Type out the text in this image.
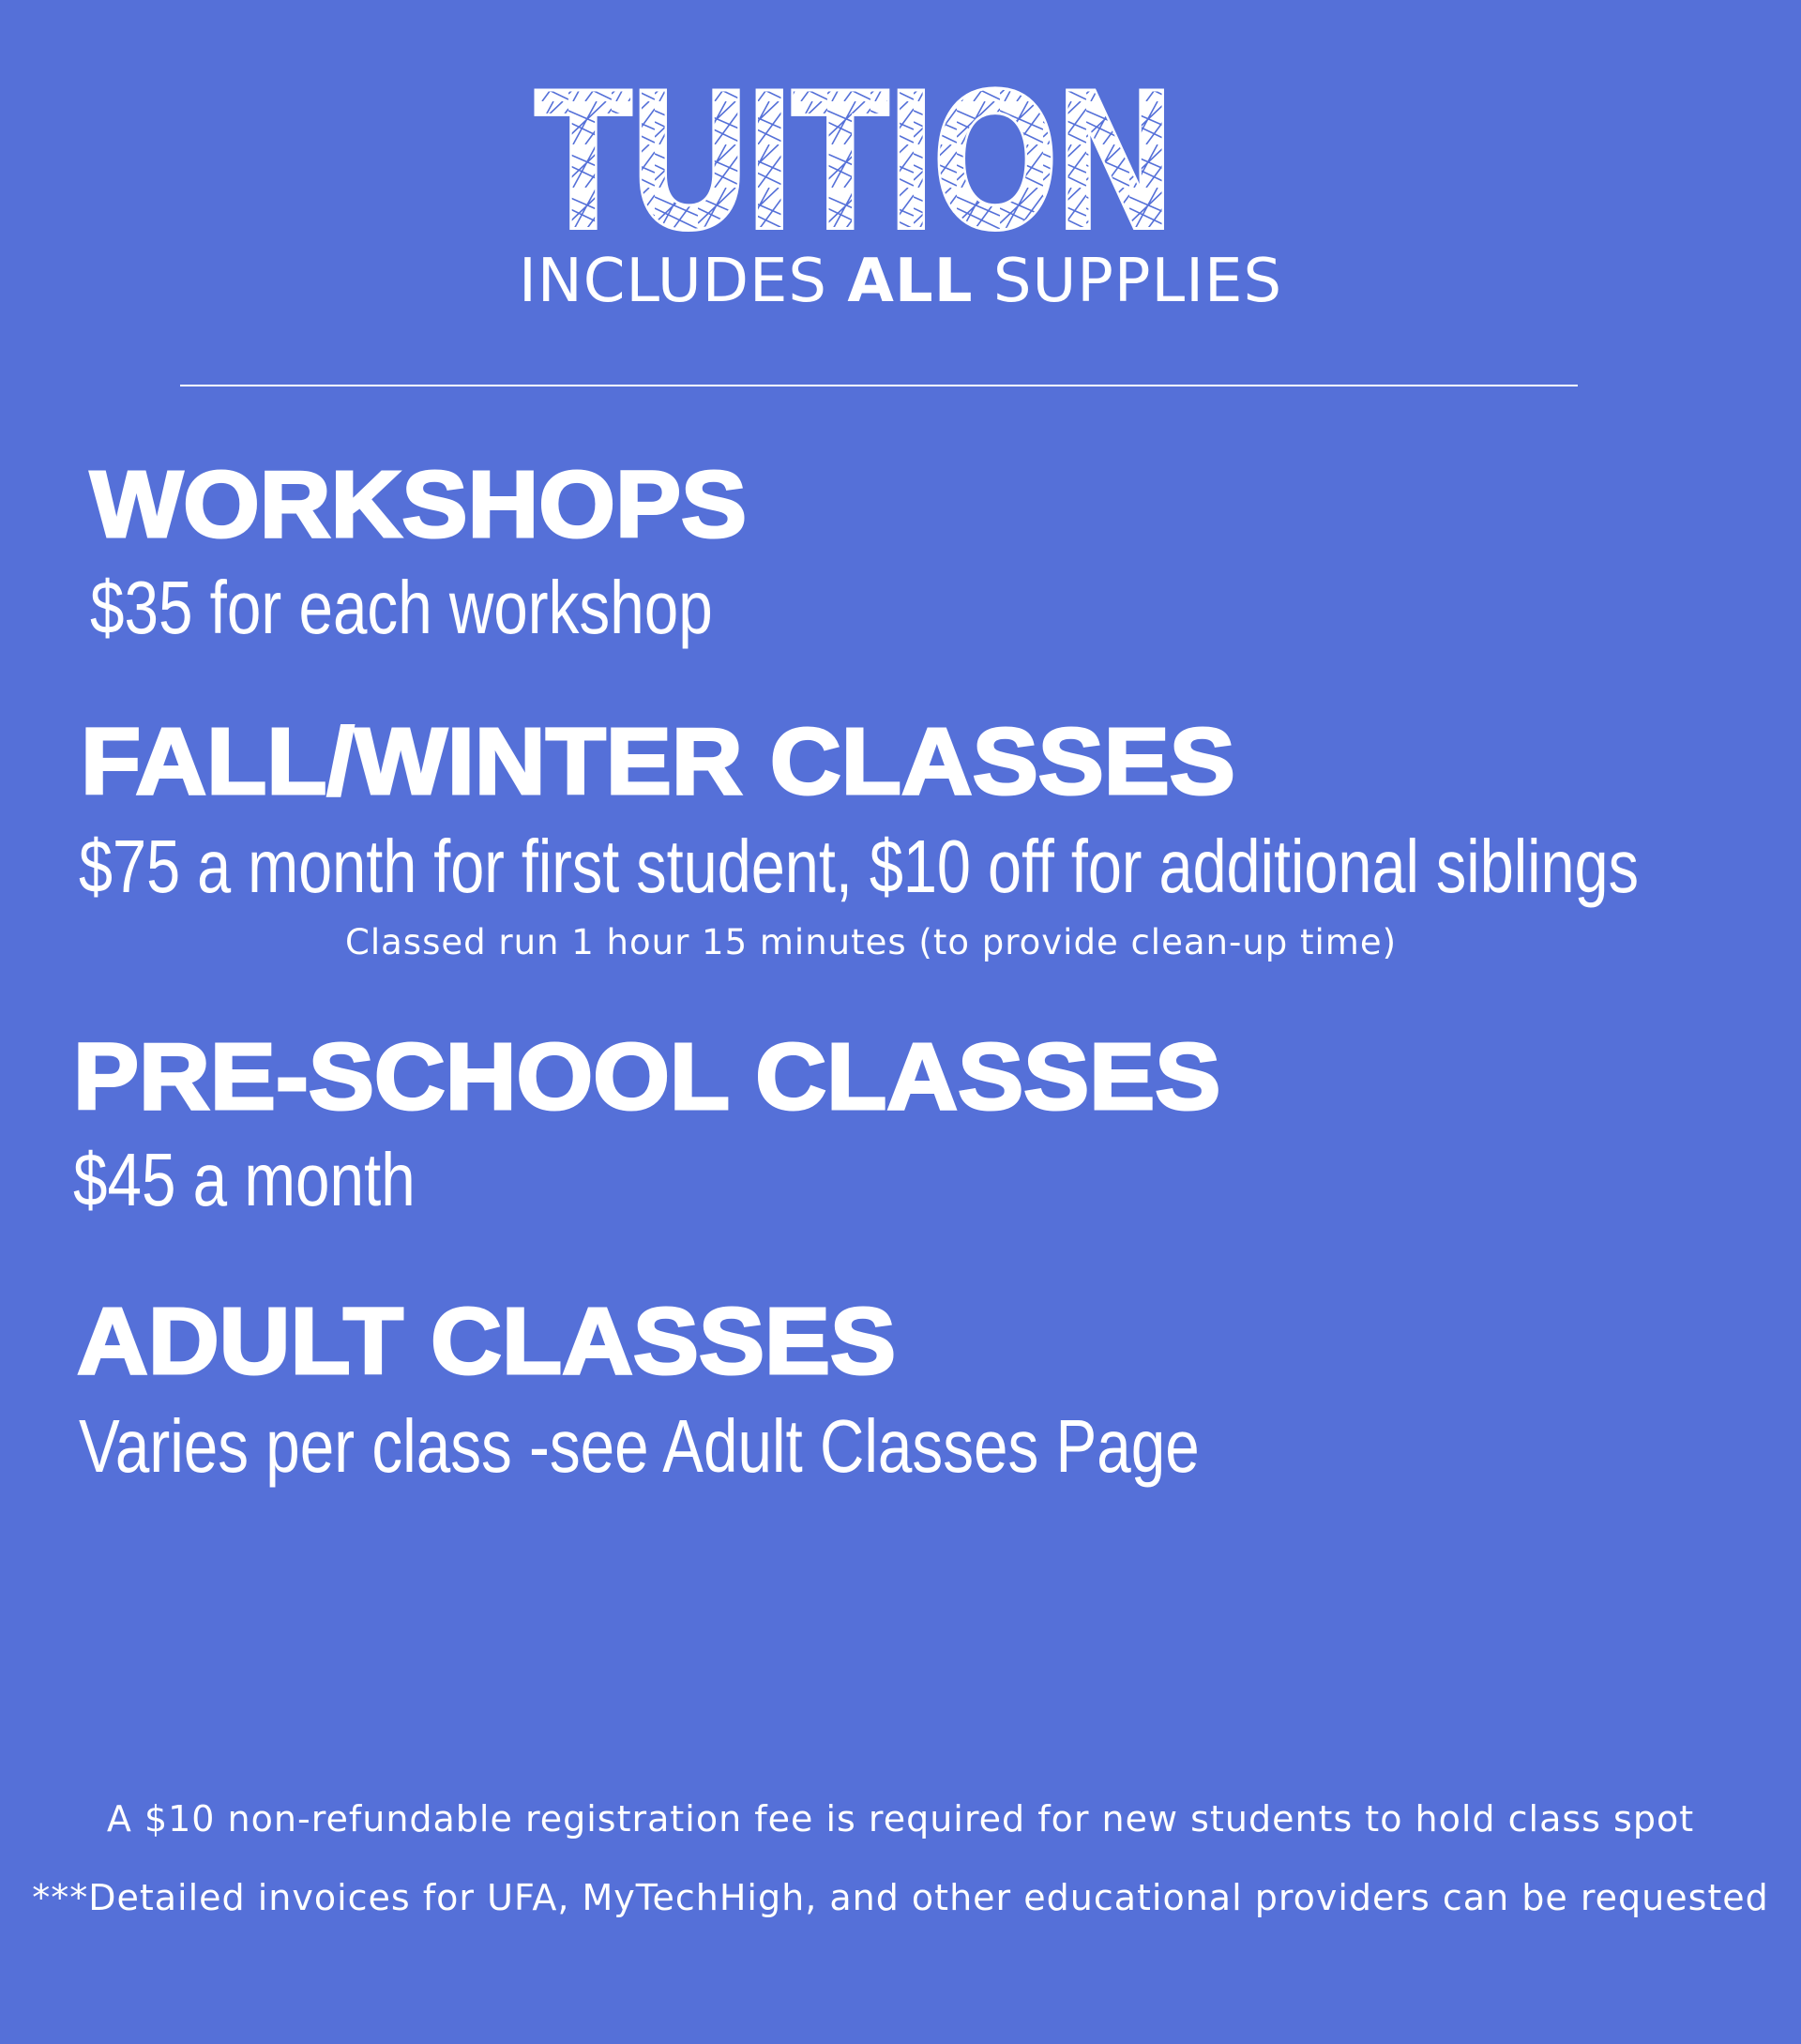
TUITION
TUITION
INCLUDES ALL SUPPLIES
WORKSHOPS
$35 for each workshop
FALL/WINTER CLASSES
$75 a month for first student, $10 off for additional siblings
Classed run 1 hour 15 minutes (to provide clean-up time)
PRE-SCHOOL CLASSES
$45 a month
ADULT CLASSES
Varies per class -see Adult Classes Page
A $10 non-refundable registration fee is required for new students to hold class spot
***Detailed invoices for UFA, MyTechHigh, and other educational providers can be requested
